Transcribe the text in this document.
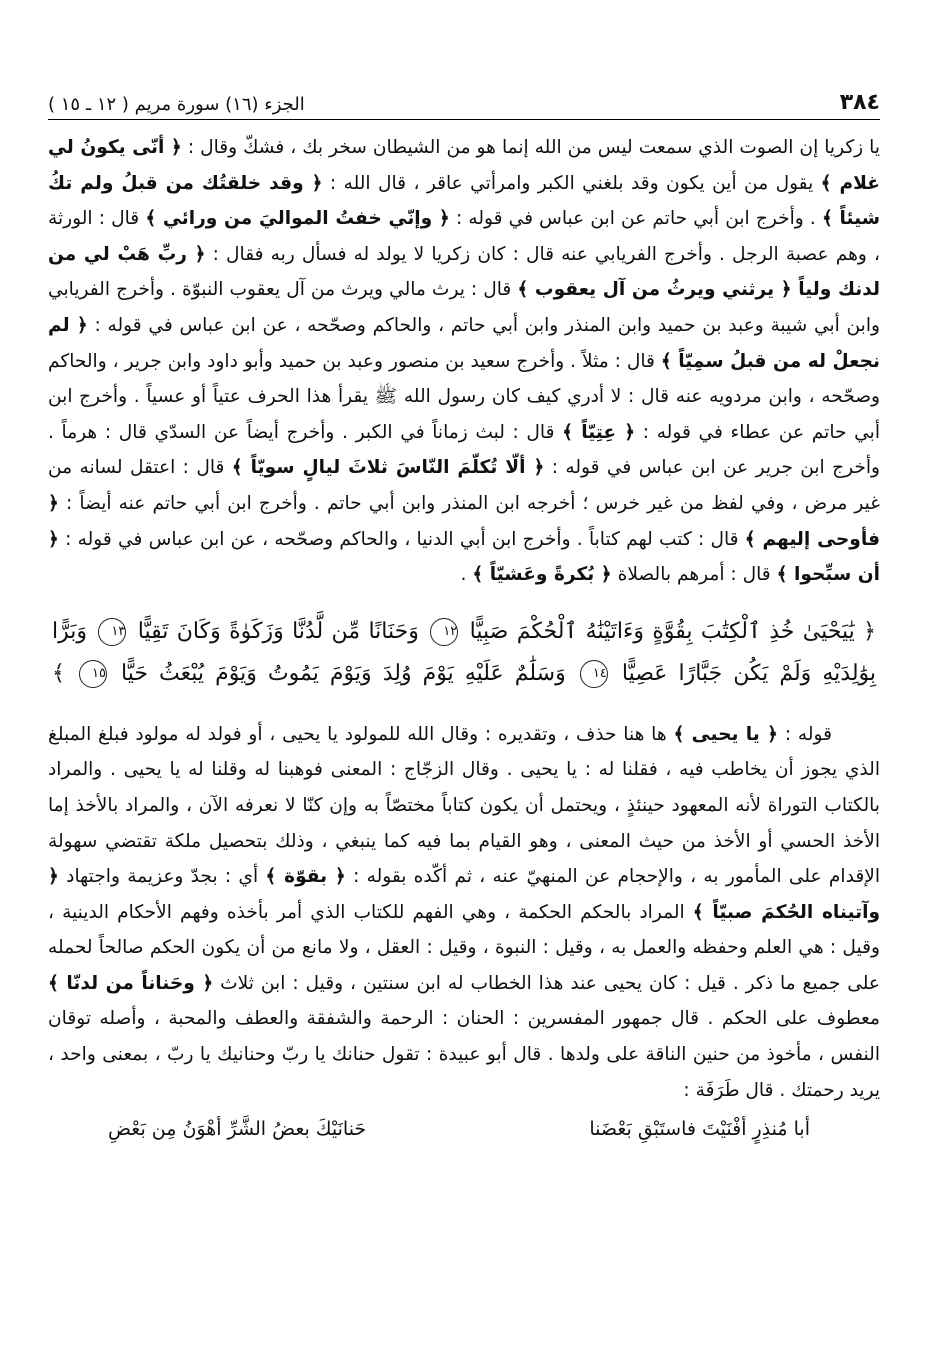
٣٨٤
الجزء (١٦) سورة مريم ( ١٢ ـ ١٥ )

يا زكريا إن الصوت الذي سمعت ليس من الله إنما هو من الشيطان سخر بك ، فشكّ وقال : ﴿ أنّى يكونُ لي غلام ﴾ يقول من أين يكون وقد بلغني الكبر وامرأتي عاقر ، قال الله : ﴿ وقد خلقتُك من قبلُ ولم تكُ شيئاً ﴾ . وأخرج ابن أبي حاتم عن ابن عباس في قوله : ﴿ وإنّي خفتُ المواليَ من ورائي ﴾ قال : الورثة ، وهم عصبة الرجل . وأخرج الفريابي عنه قال : كان زكريا لا يولد له فسأل ربه فقال : ﴿ ربِّ هَبْ لي من لدنك ولياً ﴿ يرثني ويرثُ من آل يعقوب ﴾ قال : يرث مالي ويرث من آل يعقوب النبوّة . وأخرج الفريابي وابن أبي شيبة وعبد بن حميد وابن المنذر وابن أبي حاتم ، والحاكم وصحّحه ، عن ابن عباس في قوله : ﴿ لم نجعلْ له من قبلُ سمِيّاً ﴾ قال : مثلاً . وأخرج سعيد بن منصور وعبد بن حميد وأبو داود وابن جرير ، والحاكم وصحّحه ، وابن مردويه عنه قال : لا أدري كيف كان رسول الله ﷺ يقرأ هذا الحرف عتياً أو عسياً . وأخرج ابن أبي حاتم عن عطاء في قوله : ﴿ عِتِيّاً ﴾ قال : لبث زماناً في الكبر . وأخرج أيضاً عن السدّي قال : هرماً . وأخرج ابن جرير عن ابن عباس في قوله : ﴿ ألّا تُكلّمَ النّاسَ ثلاثَ ليالٍ سويّاً ﴾ قال : اعتقل لسانه من غير مرض ، وفي لفظ من غير خرس ؛ أخرجه ابن المنذر وابن أبي حاتم . وأخرج ابن أبي حاتم عنه أيضاً : ﴿ فأوحى إليهم ﴾ قال : كتب لهم كتاباً . وأخرج ابن أبي الدنيا ، والحاكم وصحّحه ، عن ابن عباس في قوله : ﴿ أن سبِّحوا ﴾ قال : أمرهم بالصلاة ﴿ بُكرةً وعَشيّاً ﴾ .

﴿ يَٰيَحْيَىٰ خُذِ ٱلْكِتَٰبَ بِقُوَّةٍ وَءَاتَيْنَٰهُ ٱلْحُكْمَ صَبِيًّا ١٢ وَحَنَانًا مِّن لَّدُنَّا وَزَكَوٰةً وَكَانَ تَقِيًّا ١٣ وَبَرًّا بِوَٰلِدَيْهِ وَلَمْ يَكُن جَبَّارًا عَصِيًّا ١٤ وَسَلَٰمٌ عَلَيْهِ يَوْمَ وُلِدَ وَيَوْمَ يَمُوتُ وَيَوْمَ يُبْعَثُ حَيًّا ١٥ ﴾

قوله : ﴿ يا يحيى ﴾ ها هنا حذف ، وتقديره : وقال الله للمولود يا يحيى ، أو فولد له مولود فبلغ المبلغ الذي يجوز أن يخاطب فيه ، فقلنا له : يا يحيى . وقال الزجّاج : المعنى فوهبنا له وقلنا له يا يحيى . والمراد بالكتاب التوراة لأنه المعهود حينئذٍ ، ويحتمل أن يكون كتاباً مختصّاً به وإن كنّا لا نعرفه الآن ، والمراد بالأخذ إما الأخذ الحسي أو الأخذ من حيث المعنى ، وهو القيام بما فيه كما ينبغي ، وذلك بتحصيل ملكة تقتضي سهولة الإقدام على المأمور به ، والإحجام عن المنهيّ عنه ، ثم أكّده بقوله : ﴿ بقوّة ﴾ أي : بجدّ وعزيمة واجتهاد ﴿ وآتيناه الحُكمَ صبيّاً ﴾ المراد بالحكم الحكمة ، وهي الفهم للكتاب الذي أمر بأخذه وفهم الأحكام الدينية ، وقيل : هي العلم وحفظه والعمل به ، وقيل : النبوة ، وقيل : العقل ، ولا مانع من أن يكون الحكم صالحاً لحمله على جميع ما ذكر . قيل : كان يحيى عند هذا الخطاب له ابن سنتين ، وقيل : ابن ثلاث ﴿ وحَناناً من لدنّا ﴾ معطوف على الحكم . قال جمهور المفسرين : الحنان : الرحمة والشفقة والعطف والمحبة ، وأصله توقان النفس ، مأخوذ من حنين الناقة على ولدها . قال أبو عبيدة : تقول حنانك يا ربّ وحنانيك يا ربّ ، بمعنى واحد ، يريد رحمتك . قال طَرَفَة :

أبا مُنذِرٍ أفْنَيْتَ فاستَبْقِ بَعْضَنا
حَنانَيْكَ بعضُ الشَّرِّ أهْوَنُ مِن بَعْضِ
